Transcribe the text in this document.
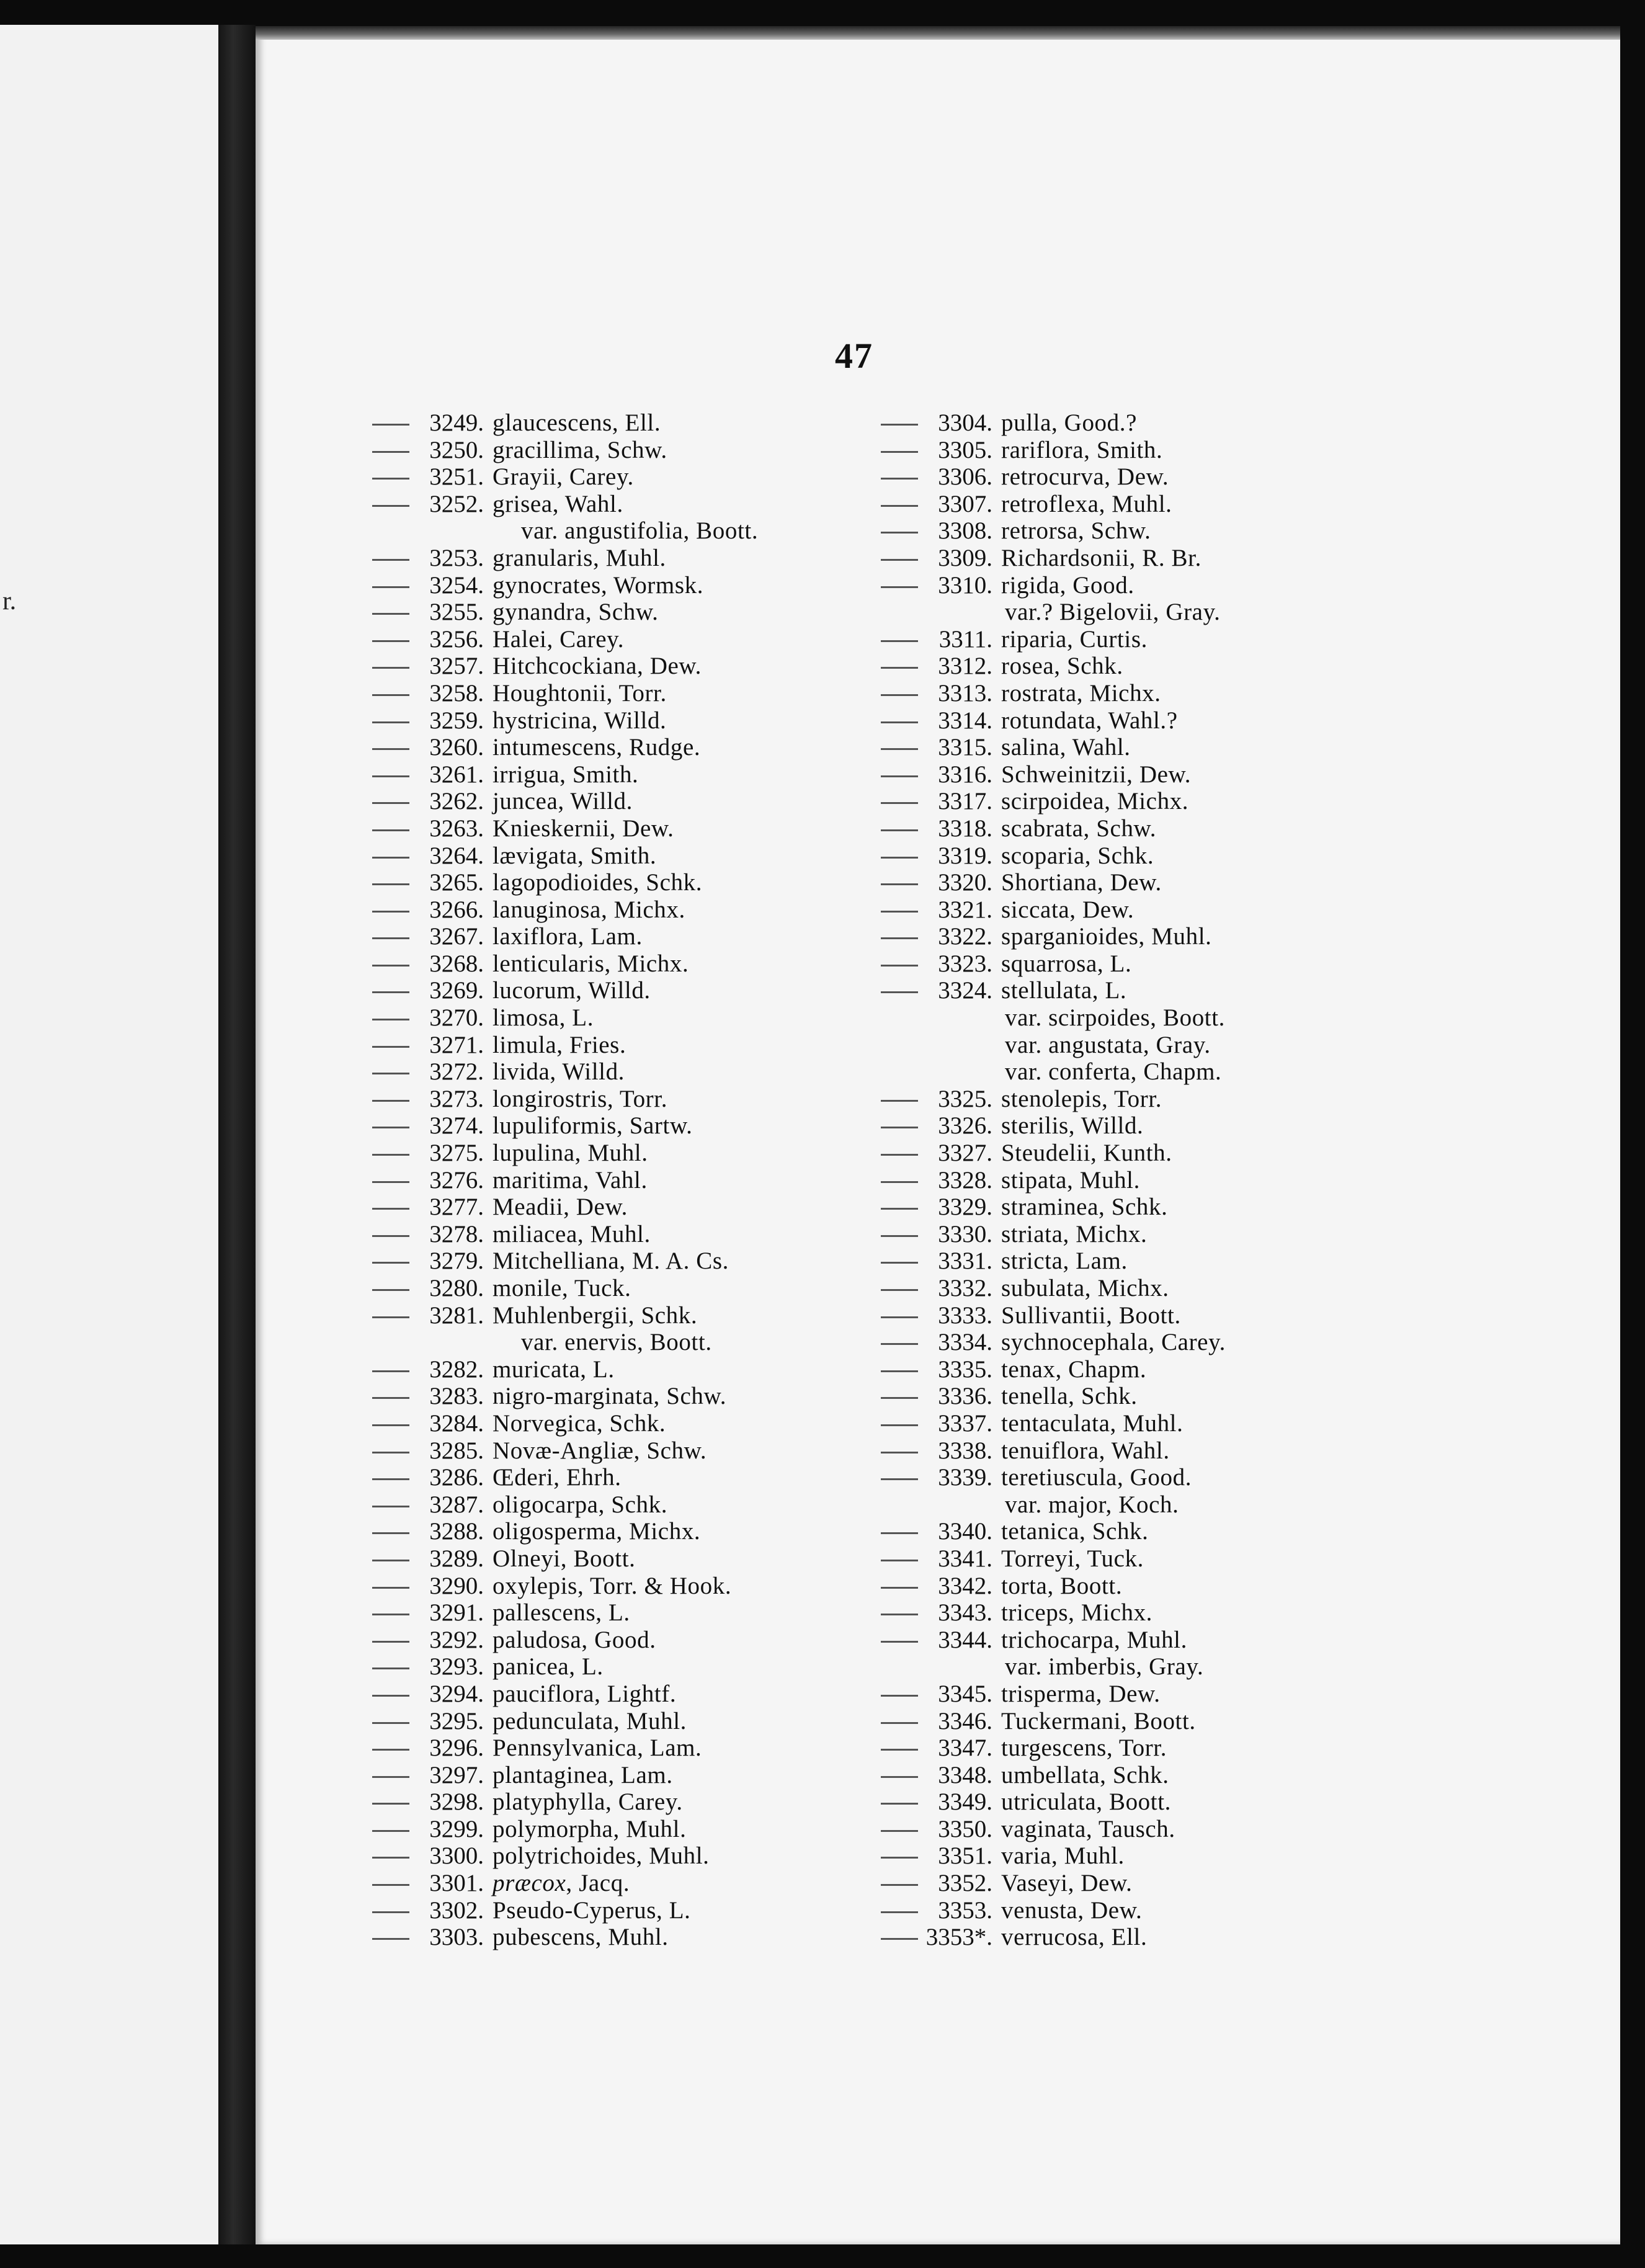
r.
47
3249. glaucescens, Ell.
3250. gracillima, Schw.
3251. Grayii, Carey.
3252. grisea, Wahl.
var. angustifolia, Boott.
3253. granularis, Muhl.
3254. gynocrates, Wormsk.
3255. gynandra, Schw.
3256. Halei, Carey.
3257. Hitchcockiana, Dew.
3258. Houghtonii, Torr.
3259. hystricina, Willd.
3260. intumescens, Rudge.
3261. irrigua, Smith.
3262. juncea, Willd.
3263. Knieskernii, Dew.
3264. lævigata, Smith.
3265. lagopodioides, Schk.
3266. lanuginosa, Michx.
3267. laxiflora, Lam.
3268. lenticularis, Michx.
3269. lucorum, Willd.
3270. limosa, L.
3271. limula, Fries.
3272. livida, Willd.
3273. longirostris, Torr.
3274. lupuliformis, Sartw.
3275. lupulina, Muhl.
3276. maritima, Vahl.
3277. Meadii, Dew.
3278. miliacea, Muhl.
3279. Mitchelliana, M. A. Cs.
3280. monile, Tuck.
3281. Muhlenbergii, Schk.
var. enervis, Boott.
3282. muricata, L.
3283. nigro-marginata, Schw.
3284. Norvegica, Schk.
3285. Novæ-Angliæ, Schw.
3286. Œderi, Ehrh.
3287. oligocarpa, Schk.
3288. oligosperma, Michx.
3289. Olneyi, Boott.
3290. oxylepis, Torr. & Hook.
3291. pallescens, L.
3292. paludosa, Good.
3293. panicea, L.
3294. pauciflora, Lightf.
3295. pedunculata, Muhl.
3296. Pennsylvanica, Lam.
3297. plantaginea, Lam.
3298. platyphylla, Carey.
3299. polymorpha, Muhl.
3300. polytrichoides, Muhl.
3301. præcox, Jacq.
3302. Pseudo-Cyperus, L.
3303. pubescens, Muhl.
3304. pulla, Good.?
3305. rariflora, Smith.
3306. retrocurva, Dew.
3307. retroflexa, Muhl.
3308. retrorsa, Schw.
3309. Richardsonii, R. Br.
3310. rigida, Good.
var.? Bigelovii, Gray.
3311. riparia, Curtis.
3312. rosea, Schk.
3313. rostrata, Michx.
3314. rotundata, Wahl.?
3315. salina, Wahl.
3316. Schweinitzii, Dew.
3317. scirpoidea, Michx.
3318. scabrata, Schw.
3319. scoparia, Schk.
3320. Shortiana, Dew.
3321. siccata, Dew.
3322. sparganioides, Muhl.
3323. squarrosa, L.
3324. stellulata, L.
var. scirpoides, Boott.
var. angustata, Gray.
var. conferta, Chapm.
3325. stenolepis, Torr.
3326. sterilis, Willd.
3327. Steudelii, Kunth.
3328. stipata, Muhl.
3329. straminea, Schk.
3330. striata, Michx.
3331. stricta, Lam.
3332. subulata, Michx.
3333. Sullivantii, Boott.
3334. sychnocephala, Carey.
3335. tenax, Chapm.
3336. tenella, Schk.
3337. tentaculata, Muhl.
3338. tenuiflora, Wahl.
3339. teretiuscula, Good.
var. major, Koch.
3340. tetanica, Schk.
3341. Torreyi, Tuck.
3342. torta, Boott.
3343. triceps, Michx.
3344. trichocarpa, Muhl.
var. imberbis, Gray.
3345. trisperma, Dew.
3346. Tuckermani, Boott.
3347. turgescens, Torr.
3348. umbellata, Schk.
3349. utriculata, Boott.
3350. vaginata, Tausch.
3351. varia, Muhl.
3352. Vaseyi, Dew.
3353. venusta, Dew.
3353*. verrucosa, Ell.
